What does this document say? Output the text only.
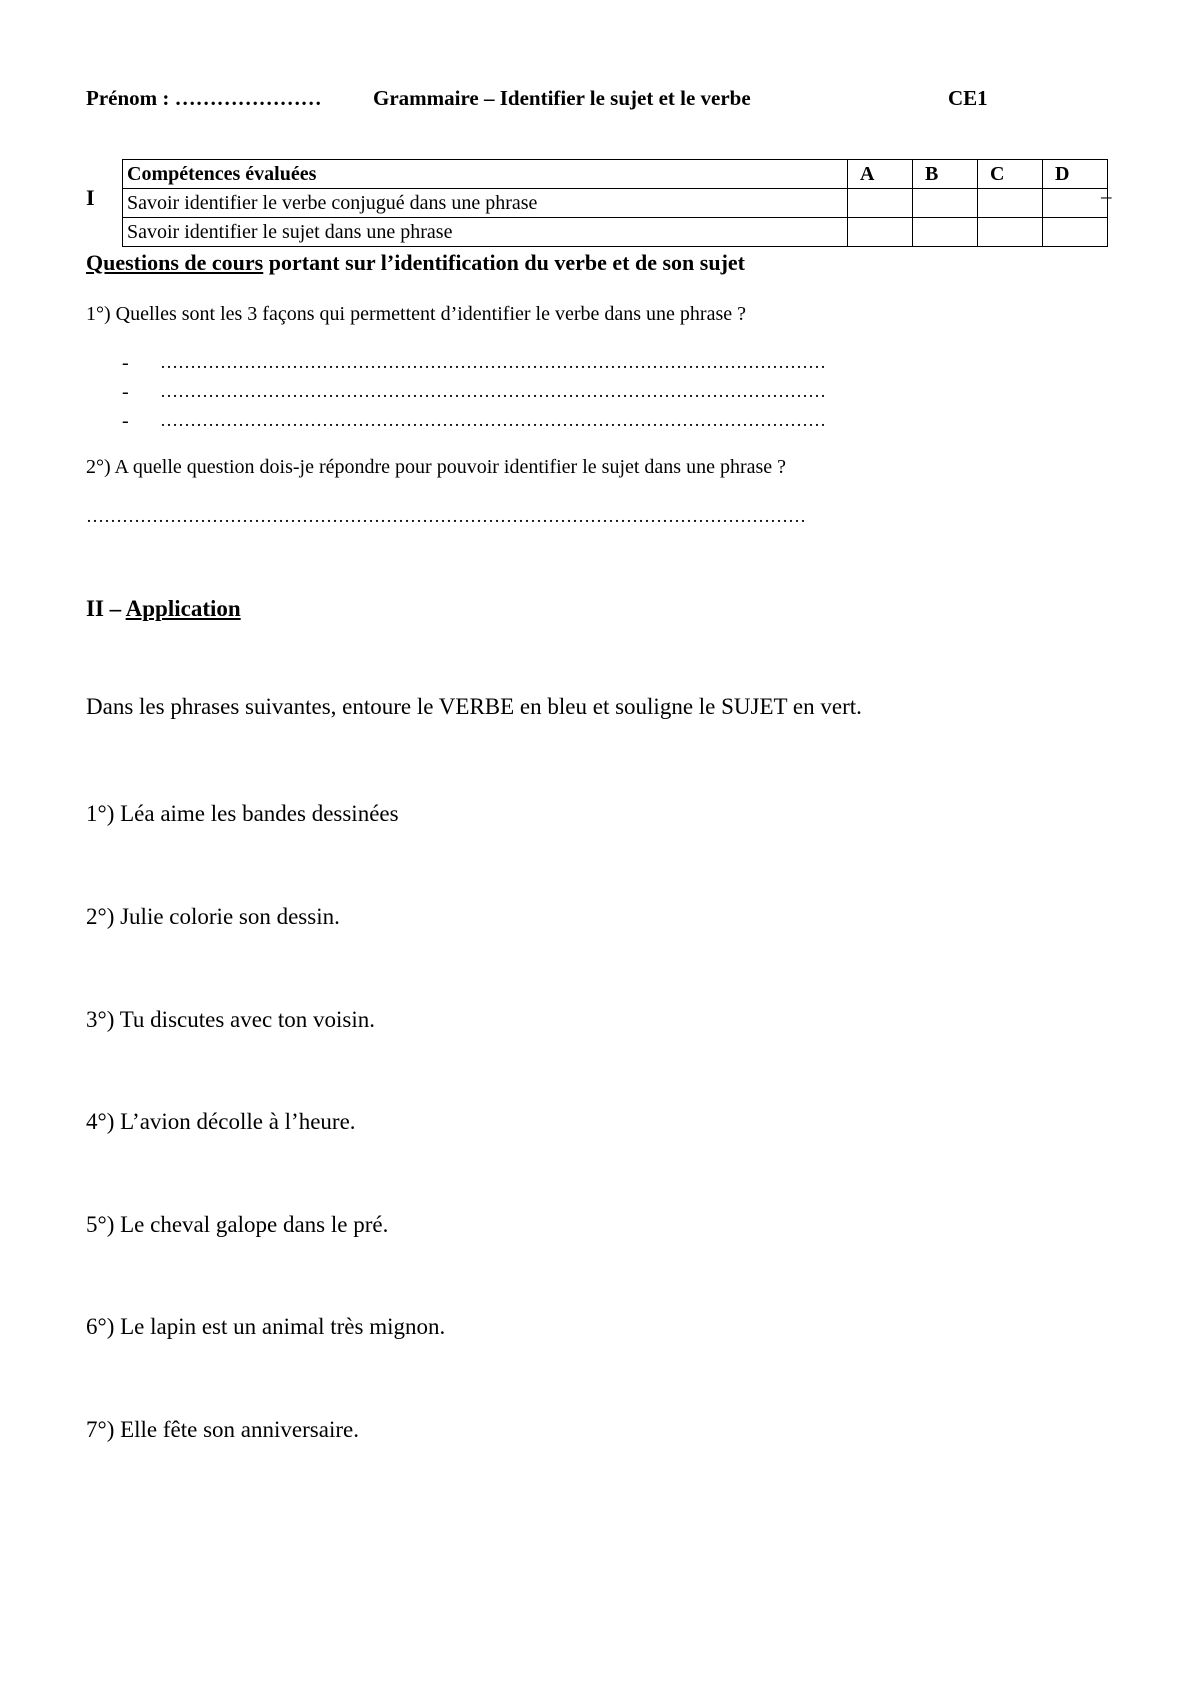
Prénom : ………………… Grammaire – Identifier le sujet et le verbe	CE1
I	–
Compétences évaluées	A	B	C	D
Savoir identifier le verbe conjugué dans une phrase				
Savoir identifier le sujet dans une phrase				
Questions de cours portant sur l’identification du verbe et de son sujet
1°) Quelles sont les 3 façons qui permettent d’identifier le verbe dans une phrase ?
- …………………………………………………………………………………………………
- …………………………………………………………………………………………………
- …………………………………………………………………………………………………
2°) A quelle question dois-je répondre pour pouvoir identifier le sujet dans une phrase ?
…………………………………………………………………………………………………………
II – Application
Dans les phrases suivantes, entoure le VERBE en bleu et souligne le SUJET en vert.
1°) Léa aime les bandes dessinées
2°) Julie colorie son dessin.
3°) Tu discutes avec ton voisin.
4°) L’avion décolle à l’heure.
5°) Le cheval galope dans le pré.
6°) Le lapin est un animal très mignon.
7°) Elle fête son anniversaire.
